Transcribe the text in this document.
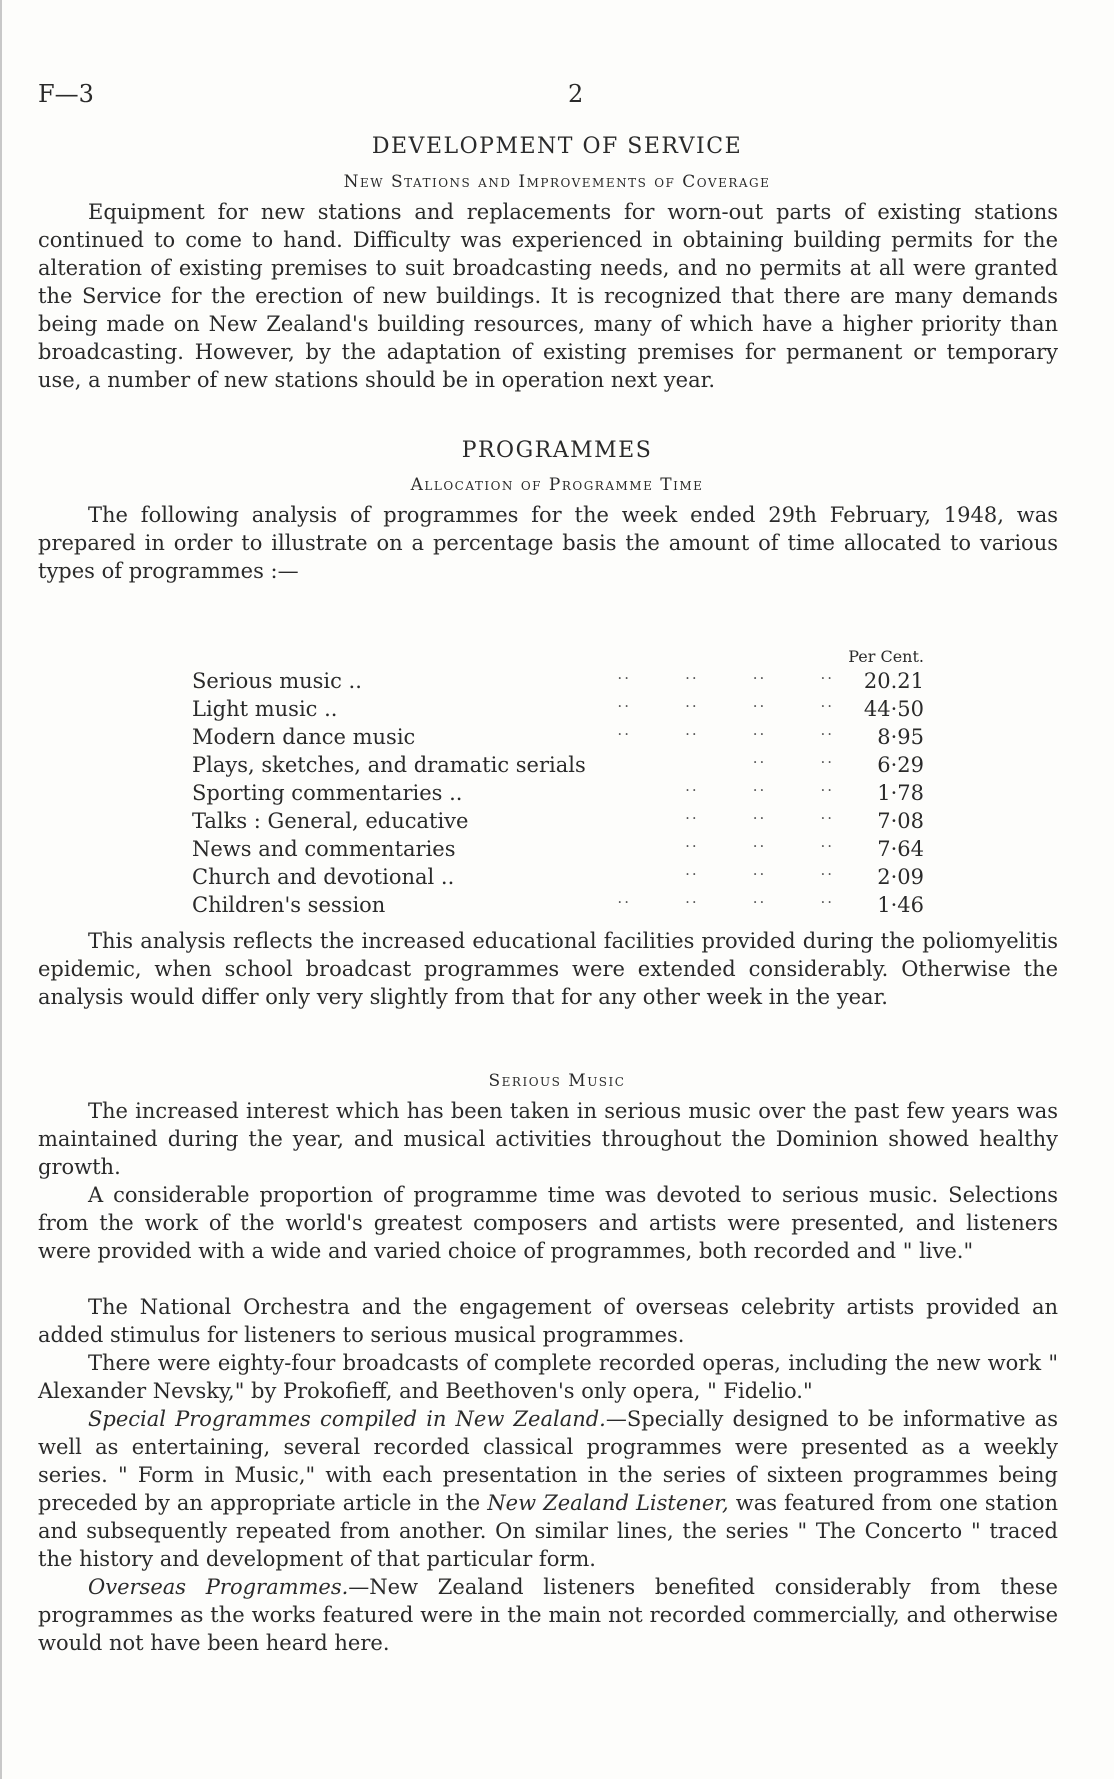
F—3	2
DEVELOPMENT OF SERVICE
New Stations and Improvements of Coverage

Equipment for new stations and replacements for worn-out parts of existing stations continued to come to hand. Difficulty was experienced in obtaining building permits for the alteration of existing premises to suit broadcasting needs, and no permits at all were granted the Service for the erection of new buildings. It is recognized that there are many demands being made on New Zealand's building resources, many of which have a higher priority than broadcasting. However, by the adaptation of existing premises for permanent or temporary use, a number of new stations should be in operation next year.

PROGRAMMES
Allocation of Programme Time

The following analysis of programmes for the week ended 29th February, 1948, was prepared in order to illustrate on a percentage basis the amount of time allocated to various types of programmes :—

Per Cent.
..        ..        ..        ..
Serious music ..	20.21
..        ..        ..        ..
Light music ..	44·50
..        ..        ..        ..
Modern dance music	8·95
..        ..
Plays, sketches, and dramatic serials	6·29
..        ..        ..
Sporting commentaries ..	1·78
..        ..        ..
Talks : General, educative	7·08
..        ..        ..
News and commentaries	7·64
..        ..        ..
Church and devotional ..	2·09
..        ..        ..        ..
Children's session	1·46

This analysis reflects the increased educational facilities provided during the poliomyelitis epidemic, when school broadcast programmes were extended considerably. Otherwise the analysis would differ only very slightly from that for any other week in the year.

Serious Music

The increased interest which has been taken in serious music over the past few years was maintained during the year, and musical activities throughout the Dominion showed healthy growth.

A considerable proportion of programme time was devoted to serious music. Selections from the work of the world's greatest composers and artists were presented, and listeners were provided with a wide and varied choice of programmes, both recorded and " live."

The National Orchestra and the engagement of overseas celebrity artists provided an added stimulus for listeners to serious musical programmes.

There were eighty-four broadcasts of complete recorded operas, including the new work " Alexander Nevsky," by Prokofieff, and Beethoven's only opera, " Fidelio."

Special Programmes compiled in New Zealand.—Specially designed to be informative as well as entertaining, several recorded classical programmes were presented as a weekly series. " Form in Music," with each presentation in the series of sixteen programmes being preceded by an appropriate article in the New Zealand Listener, was featured from one station and subsequently repeated from another. On similar lines, the series " The Concerto " traced the history and development of that particular form.

Overseas Programmes.—New Zealand listeners benefited considerably from these programmes as the works featured were in the main not recorded commercially, and otherwise would not have been heard here.
